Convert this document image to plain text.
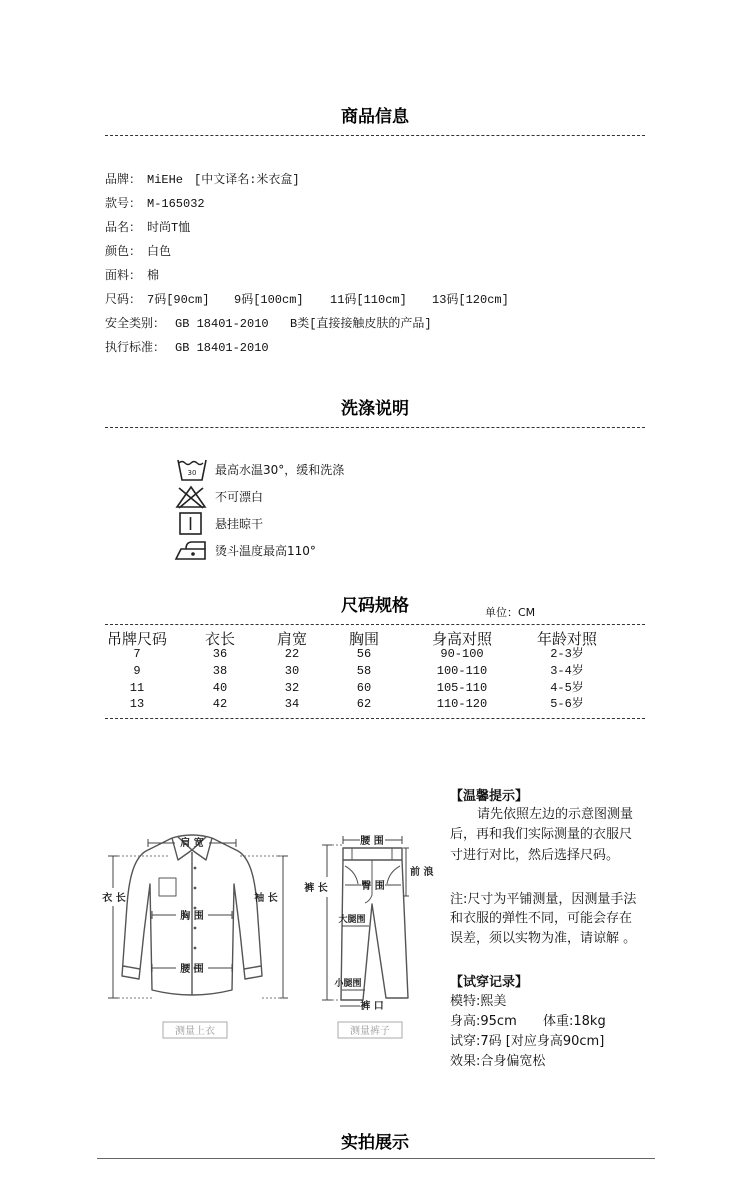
商品信息
品牌： MiEHe [中文译名:米衣盒]
款号： M-165032
品名： 时尚T恤
颜色： 白色
面料： 棉
尺码： 7码[90cm] 9码[100cm] 11码[110cm] 13码[120cm]
安全类别： GB 18401-2010 B类[直接接触皮肤的产品]
执行标准： GB 18401-2010
洗涤说明
30 最高水温30°，缓和洗涤
不可漂白
悬挂晾干
烫斗温度最高110°
尺码规格	单位：CM
吊牌尺码	衣长	肩宽	胸围	身高对照	年龄对照
7	36	22	56	90-100	2-3岁
9	38	30	58	100-110	3-4岁
11	40	32	60	105-110	4-5岁
13	42	34	62	110-120	5-6岁
肩 宽
衣 长	袖 长
胸 围
腰 围
腰 围
前 浪
裤 长	臀 围
大腿围
小腿围
裤 口
测量上衣	测量裤子
【温馨提示】
请先依照左边的示意图测量
后，再和我们实际测量的衣服尺
寸进行对比，然后选择尺码。
注:尺寸为平铺测量，因测量手法
和衣服的弹性不同，可能会存在
误差，须以实物为准，请谅解 。
【试穿记录】
模特:熙美
身高:95cm 体重:18kg
试穿:7码 [对应身高90cm]
效果:合身偏宽松
实拍展示
